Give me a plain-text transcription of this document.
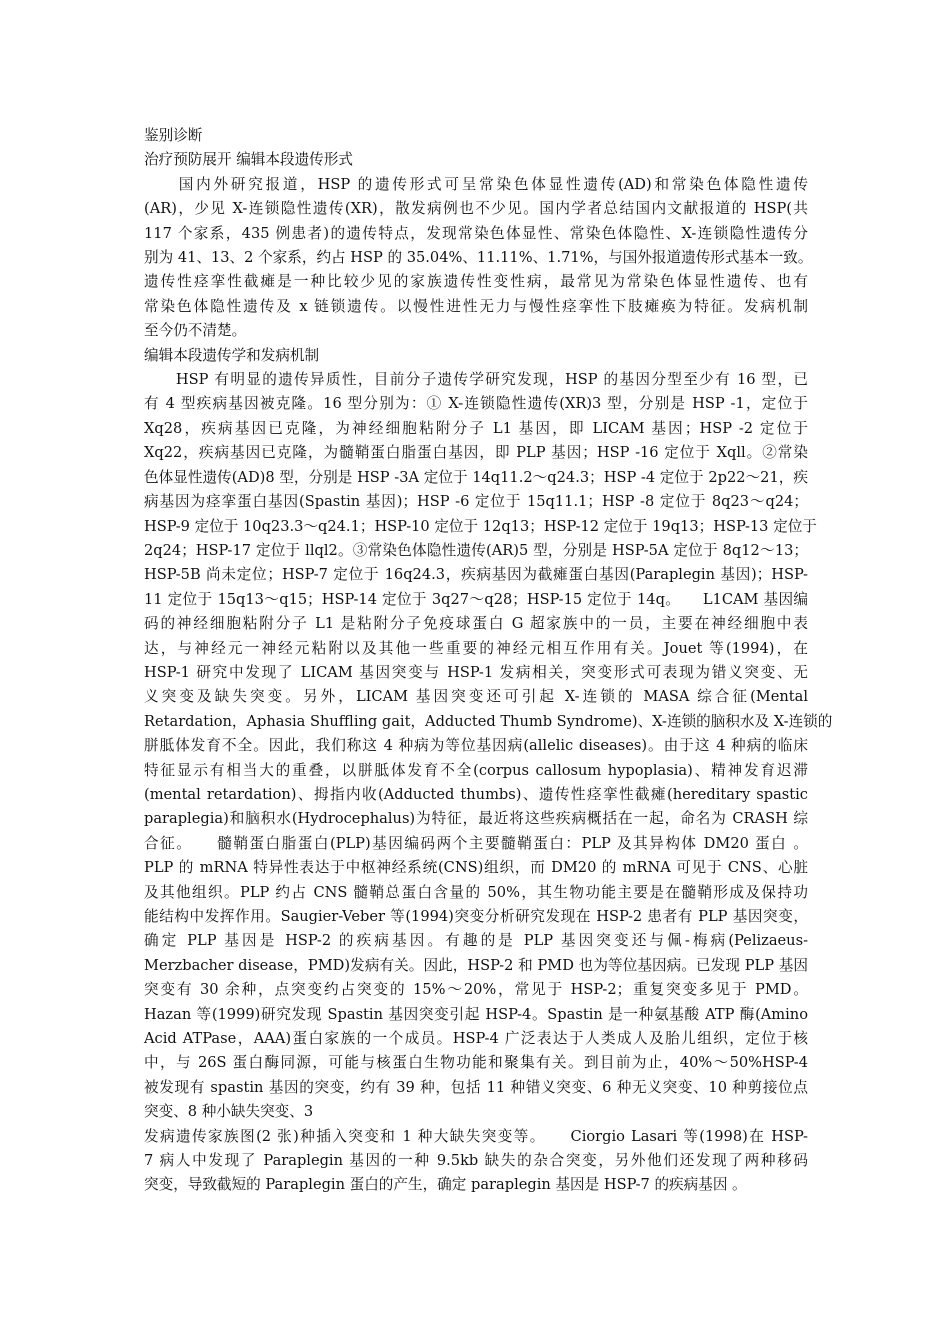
鉴别诊断
治疗预防展开 编辑本段遗传形式
　　国内外研究报道，HSP 的遗传形式可呈常染色体显性遗传(AD)和常染色体隐性遗传
(AR)，少见 X-连锁隐性遗传(XR)，散发病例也不少见。国内学者总结国内文献报道的 HSP(共
117 个家系，435 例患者)的遗传特点，发现常染色体显性、常染色体隐性、X-连锁隐性遗传分
别为 41、13、2 个家系，约占 HSP 的 35.04%、11.11%、1.71%，与国外报道遗传形式基本一致。
遗传性痉挛性截瘫是一种比较少见的家族遗传性变性病，最常见为常染色体显性遗传、也有
常染色体隐性遗传及 x 链锁遗传。以慢性进性无力与慢性痉挛性下肢瘫痪为特征。发病机制
至今仍不清楚。
编辑本段遗传学和发病机制
　　HSP 有明显的遗传异质性，目前分子遗传学研究发现，HSP 的基因分型至少有 16 型，已
有 4 型疾病基因被克隆。16 型分别为：① X-连锁隐性遗传(XR)3 型，分别是 HSP -1，定位于
Xq28，疾病基因已克隆，为神经细胞粘附分子 L1 基因，即 LICAM 基因；HSP -2 定位于
Xq22，疾病基因已克隆，为髓鞘蛋白脂蛋白基因，即 PLP 基因；HSP -16 定位于 Xqll。②常染
色体显性遗传(AD)8 型，分别是 HSP -3A 定位于 14q11.2～q24.3；HSP -4 定位于 2p22～21，疾
病基因为痉挛蛋白基因(Spastin 基因)；HSP -6 定位于 15q11.1；HSP -8 定位于 8q23～q24；
HSP-9 定位于 10q23.3～q24.1；HSP-10 定位于 12q13；HSP-12 定位于 19q13；HSP-13 定位于
2q24；HSP-17 定位于 llql2。③常染色体隐性遗传(AR)5 型，分别是 HSP-5A 定位于 8q12～13；
HSP-5B 尚未定位；HSP-7 定位于 16q24.3，疾病基因为截瘫蛋白基因(Paraplegin 基因)；HSP-
11 定位于 15q13～q15；HSP-14 定位于 3q27～q28；HSP-15 定位于 14q。　　L1CAM 基因编
码的神经细胞粘附分子 L1 是粘附分子免疫球蛋白 G 超家族中的一员，主要在神经细胞中表
达，与神经元一神经元粘附以及其他一些重要的神经元相互作用有关。Jouet 等(1994)，在
HSP-1 研究中发现了 LICAM 基因突变与 HSP-1 发病相关，突变形式可表现为错义突变、无
义突变及缺失突变。另外，LICAM 基因突变还可引起 X-连锁的 MASA 综合征(Mental
Retardation，Aphasia Shuffling gait，Adducted Thumb Syndrome)、X-连锁的脑积水及 X-连锁的
胼胝体发育不全。因此，我们称这 4 种病为等位基因病(allelic diseases)。由于这 4 种病的临床
特征显示有相当大的重叠，以胼胝体发育不全(corpus callosum hypoplasia)、精神发育迟滞
(mental retardation)、拇指内收(Adducted thumbs)、遗传性痉挛性截瘫(hereditary spastic
paraplegia)和脑积水(Hydrocephalus)为特征，最近将这些疾病概括在一起，命名为 CRASH 综
合征。　　髓鞘蛋白脂蛋白(PLP)基因编码两个主要髓鞘蛋白：PLP 及其异构体 DM20 蛋白 。
PLP 的 mRNA 特异性表达于中枢神经系统(CNS)组织，而 DM20 的 mRNA 可见于 CNS、心脏
及其他组织。PLP 约占 CNS 髓鞘总蛋白含量的 50%，其生物功能主要是在髓鞘形成及保持功
能结构中发挥作用。Saugier-Veber 等(1994)突变分析研究发现在 HSP-2 患者有 PLP 基因突变，
确定 PLP 基因是 HSP-2 的疾病基因。有趣的是 PLP 基因突变还与佩-梅病(Pelizaeus-
Merzbacher disease，PMD)发病有关。因此，HSP-2 和 PMD 也为等位基因病。已发现 PLP 基因
突变有 30 余种，点突变约占突变的 15%～20%，常见于 HSP-2；重复突变多见于 PMD。
Hazan 等(1999)研究发现 Spastin 基因突变引起 HSP-4。Spastin 是一种氨基酸 ATP 酶(Amino
Acid ATPase，AAA)蛋白家族的一个成员。HSP-4 广泛表达于人类成人及胎儿组织，定位于核
中，与 26S 蛋白酶同源，可能与核蛋白生物功能和聚集有关。到目前为止，40%～50%HSP-4
被发现有 spastin 基因的突变，约有 39 种，包括 11 种错义突变、6 种无义突变、10 种剪接位点
突变、8 种小缺失突变、3
发病遗传家族图(2 张)种插入突变和 1 种大缺失突变等。　　Ciorgio Lasari 等(1998)在 HSP-
7 病人中发现了 Paraplegin 基因的一种 9.5kb 缺失的杂合突变，另外他们还发现了两种移码
突变，导致截短的 Paraplegin 蛋白的产生，确定 paraplegin 基因是 HSP-7 的疾病基因 。
